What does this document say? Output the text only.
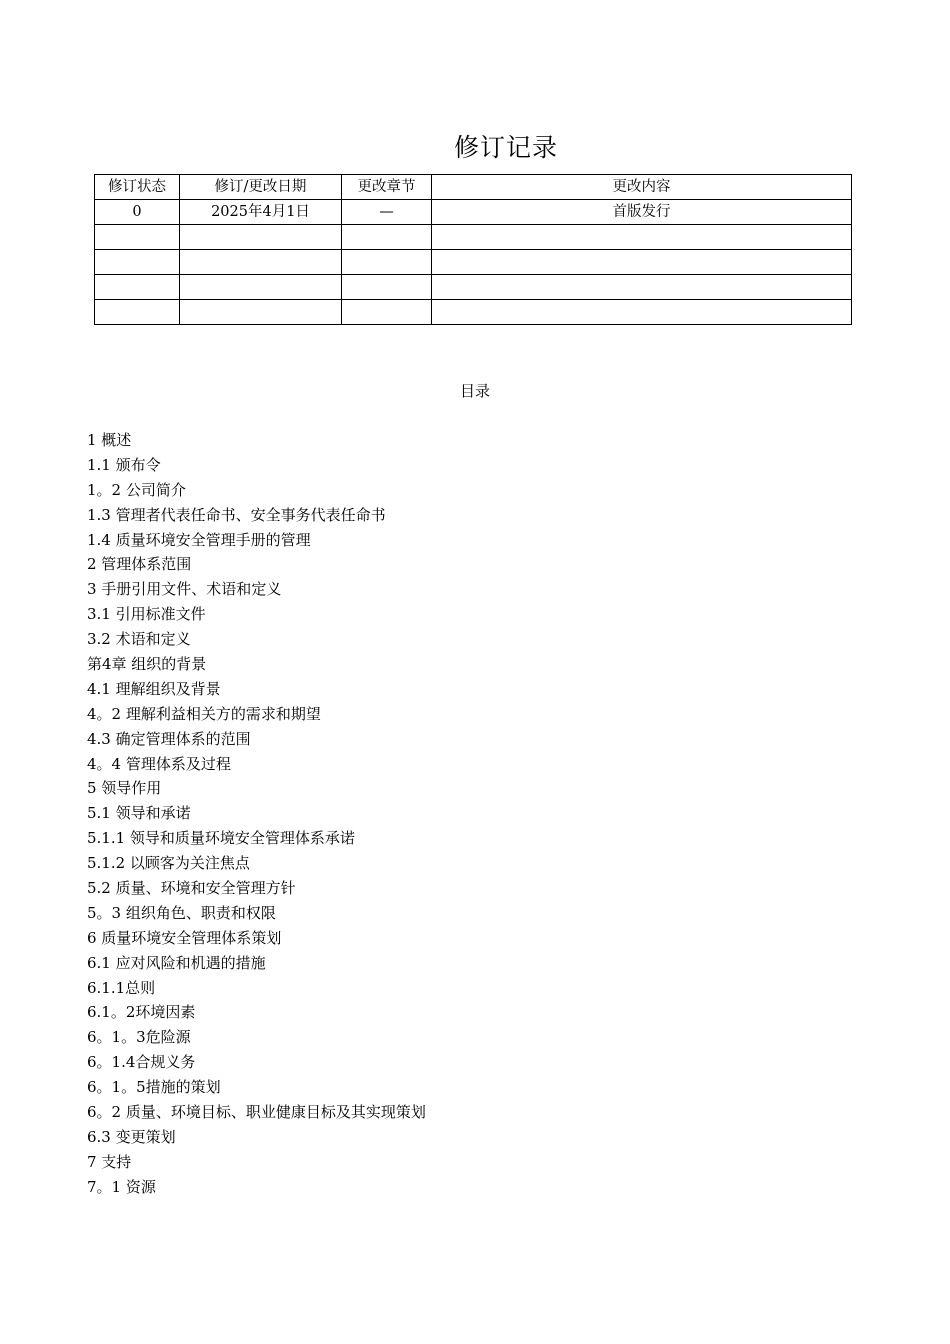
修订记录
修订状态	修订/更改日期	更改章节	更改内容
0	2025年4月1日	—	首版发行

目录
1 概述
1.1 颁布令
1。2 公司简介
1.3 管理者代表任命书、安全事务代表任命书
1.4 质量环境安全管理手册的管理
2 管理体系范围
3 手册引用文件、术语和定义
3.1 引用标准文件
3.2 术语和定义
第4章 组织的背景
4.1 理解组织及背景
4。2 理解利益相关方的需求和期望
4.3 确定管理体系的范围
4。4 管理体系及过程
5 领导作用
5.1 领导和承诺
5.1.1 领导和质量环境安全管理体系承诺
5.1.2 以顾客为关注焦点
5.2 质量、环境和安全管理方针
5。3 组织角色、职责和权限
6 质量环境安全管理体系策划
6.1 应对风险和机遇的措施
6.1.1总则
6.1。2环境因素
6。1。3危险源
6。1.4合规义务
6。1。5措施的策划
6。2 质量、环境目标、职业健康目标及其实现策划
6.3 变更策划
7 支持
7。1 资源
